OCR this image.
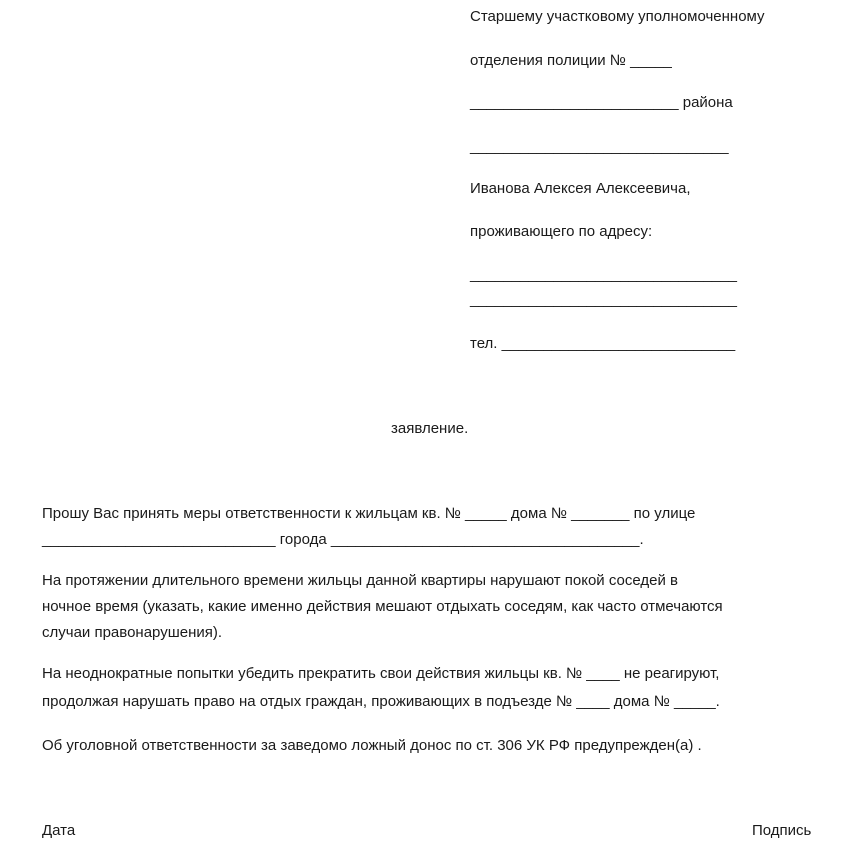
Старшему участковому уполномоченному
отделения полиции № _____
_________________________ района
_______________________________
Иванова Алексея Алексеевича,
проживающего по адресу:
________________________________
________________________________
тел. ____________________________
заявление.
Прошу Вас принять меры ответственности к жильцам кв. № _____ дома № _______ по улице
____________________________ города _____________________________________.
На протяжении длительного времени жильцы данной квартиры нарушают покой соседей в
ночное время (указать, какие именно действия мешают отдыхать соседям, как часто отмечаются
случаи правонарушения).
На неоднократные попытки убедить прекратить свои действия жильцы кв. № ____ не реагируют,
продолжая нарушать право на отдых граждан, проживающих в подъезде № ____ дома № _____.
Об уголовной ответственности за заведомо ложный донос по ст. 306 УК РФ предупрежден(а) .
Дата	Подпись
